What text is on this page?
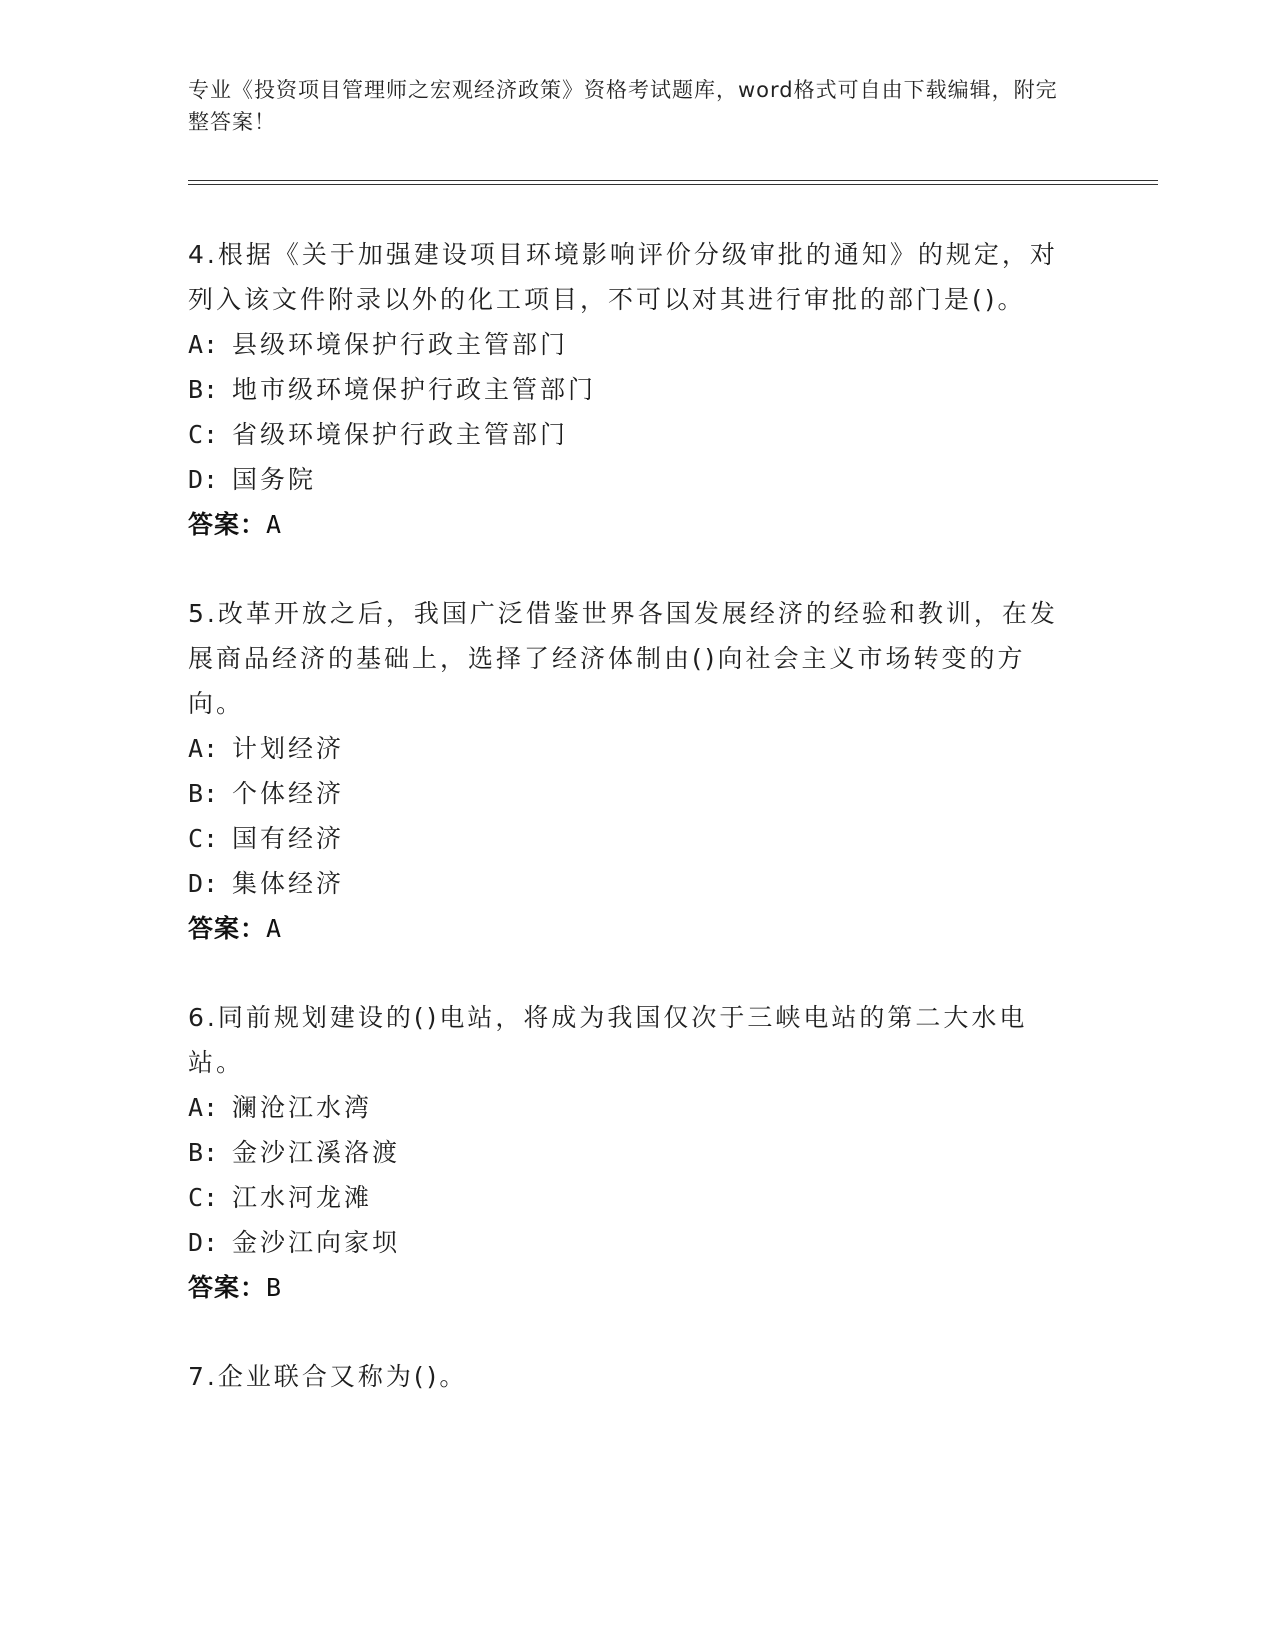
专业《投资项目管理师之宏观经济政策》资格考试题库，word格式可自由下载编辑，附完整答案！

4.根据《关于加强建设项目环境影响评价分级审批的通知》的规定，对列入该文件附录以外的化工项目，不可以对其进行审批的部门是()。

A: 县级环境保护行政主管部门

B: 地市级环境保护行政主管部门

C: 省级环境保护行政主管部门

D: 国务院

答案：A

5.改革开放之后，我国广泛借鉴世界各国发展经济的经验和教训，在发展商品经济的基础上，选择了经济体制由()向社会主义市场转变的方向。

A: 计划经济

B: 个体经济

C: 国有经济

D: 集体经济

答案：A

6.同前规划建设的()电站，将成为我国仅次于三峡电站的第二大水电站。

A: 澜沧江水湾

B: 金沙江溪洛渡

C: 江水河龙滩

D: 金沙江向家坝

答案：B

7.企业联合又称为()。
